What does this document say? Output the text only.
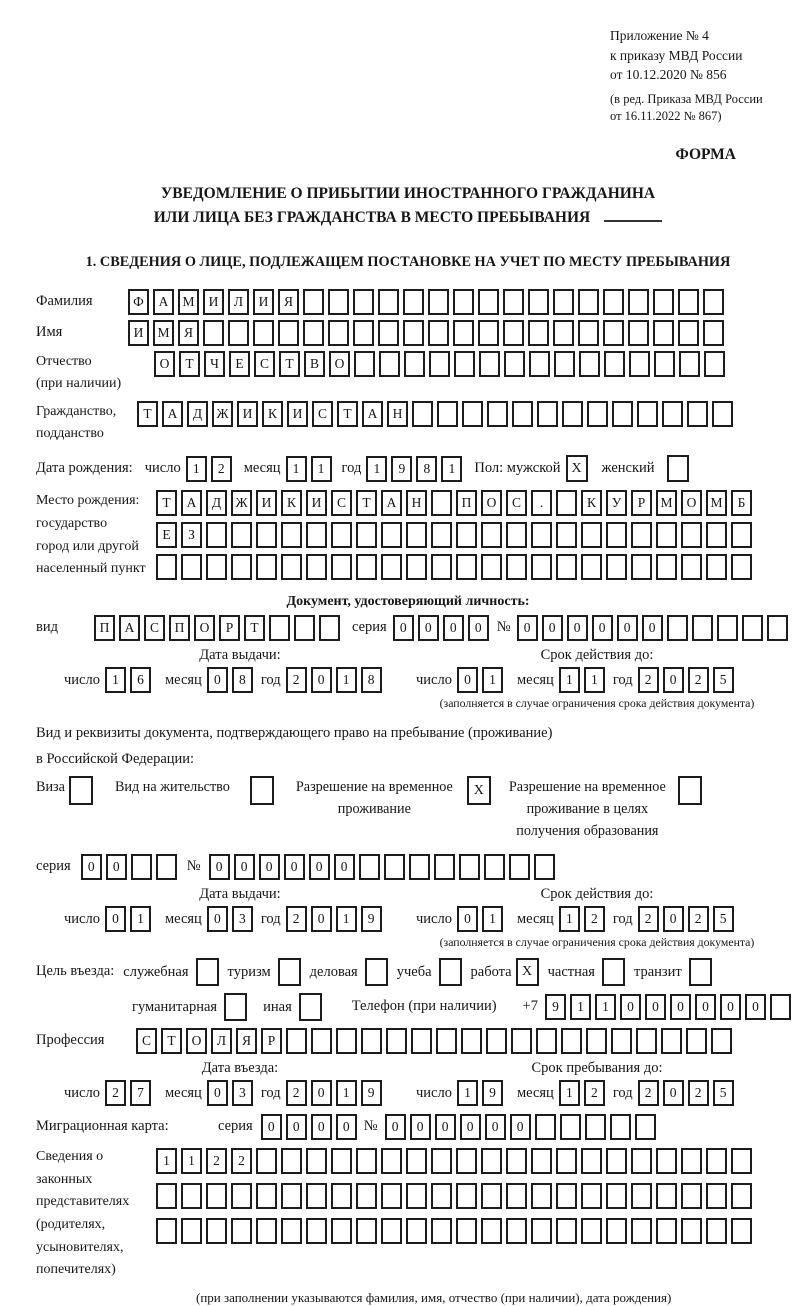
Приложение № 4
к приказу МВД России
от 10.12.2020 № 856
(в ред. Приказа МВД России
от 16.11.2022 № 867)
ФОРМА
УВЕДОМЛЕНИЕ О ПРИБЫТИИ ИНОСТРАННОГО ГРАЖДАНИНА
ИЛИ ЛИЦА БЕЗ ГРАЖДАНСТВА В МЕСТО ПРЕБЫВАНИЯ
1. СВЕДЕНИЯ О ЛИЦЕ, ПОДЛЕЖАЩЕМ ПОСТАНОВКЕ НА УЧЕТ ПО МЕСТУ ПРЕБЫВАНИЯ
Фамилия	Ф	А	М	И	Л	И	Я
Имя	И	М	Я
Отчество
(при наличии)
О	Т	Ч	Е	С	Т	В	О
Гражданство,
подданство
Т	А	Д	Ж	И	К	И	С	Т	А	Н
Дата рождения: число 1	2	месяц 1	1	год 1	9	8	1	Пол: мужской X	женский
Место рождения:
государство
город или другой
населенный пункт
Т	А	Д	Ж	И	К	И	С	Т	А	Н	П	О	С	.	К	У	Р	М	О	М	Б
Е	З
Документ, удостоверяющий личность:
вид	П	А	С	П	О	Р	Т	серия 0	0	0	0	№ 0	0	0	0	0	0
Дата выдачи:
число 1	6	месяц 0	8	год 2	0	1	8
Срок действия до:
число 0	1	месяц 1	1	год 2	0	2	5
(заполняется в случае ограничения срока действия документа)
Вид и реквизиты документа, подтверждающего право на пребывание (проживание)
в Российской Федерации:
Виза	Вид на жительство	Разрешение на временное
проживание
X	Разрешение на временное
проживание в целях
получения образования
серия	0	0	№	0	0	0	0	0	0
Дата выдачи:
число 0	1	месяц 0	3	год 2	0	1	9
Срок действия до:
число 0	1	месяц 1	2	год 2	0	2	5
(заполняется в случае ограничения срока действия документа)
Цель въезда: служебная	туризм	деловая	учеба	работа X	частная	транзит
гуманитарная	иная	Телефон (при наличии) +7	9	1	1	0	0	0	0	0	0
Профессия	С	Т	О	Л	Я	Р
Дата въезда:
число 2	7	месяц 0	3	год 2	0	1	9
Срок пребывания до:
число 1	9	месяц 1	2	год 2	0	2	5
Миграционная карта:	серия	0	0	0	0 №	0	0	0	0	0	0
Сведения о
законных
представителях
(родителях,
усыновителях,
попечителях)
1	1	2	2
(при заполнении указываются фамилия, имя, отчество (при наличии), дата рождения)
